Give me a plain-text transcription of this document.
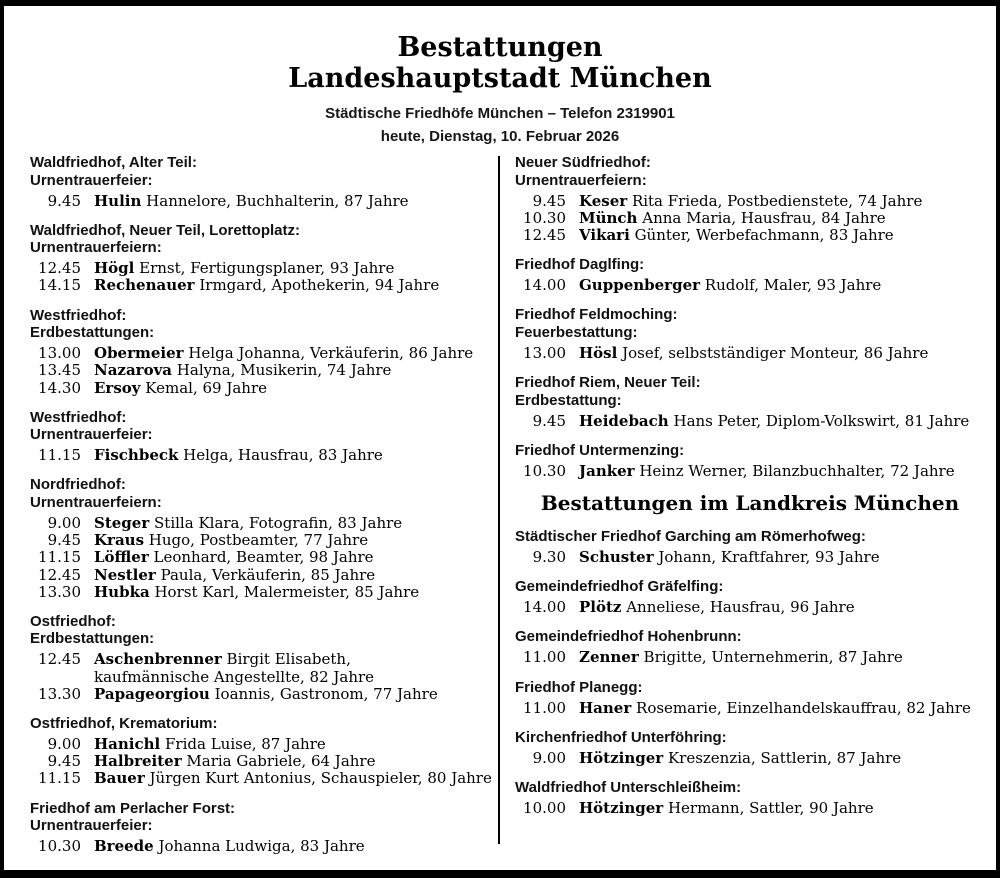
Bestattungen
Landeshauptstadt München
Städtische Friedhöfe München – Telefon 2319901
heute, Dienstag, 10. Februar 2026
Waldfriedhof, Alter Teil:
Urnentrauerfeier:
9.45 Hulin Hannelore, Buchhalterin, 87 Jahre
Waldfriedhof, Neuer Teil, Lorettoplatz:
Urnentrauerfeiern:
12.45 Högl Ernst, Fertigungsplaner, 93 Jahre
14.15 Rechenauer Irmgard, Apothekerin, 94 Jahre
Westfriedhof:
Erdbestattungen:
13.00 Obermeier Helga Johanna, Verkäuferin, 86 Jahre
13.45 Nazarova Halyna, Musikerin, 74 Jahre
14.30 Ersoy Kemal, 69 Jahre
Westfriedhof:
Urnentrauerfeier:
11.15 Fischbeck Helga, Hausfrau, 83 Jahre
Nordfriedhof:
Urnentrauerfeiern:
9.00 Steger Stilla Klara, Fotografin, 83 Jahre
9.45 Kraus Hugo, Postbeamter, 77 Jahre
11.15 Löffler Leonhard, Beamter, 98 Jahre
12.45 Nestler Paula, Verkäuferin, 85 Jahre
13.30 Hubka Horst Karl, Malermeister, 85 Jahre
Ostfriedhof:
Erdbestattungen:
12.45 Aschenbrenner Birgit Elisabeth,
kaufmännische Angestellte, 82 Jahre
13.30 Papageorgiou Ioannis, Gastronom, 77 Jahre
Ostfriedhof, Krematorium:
9.00 Hanichl Frida Luise, 87 Jahre
9.45 Halbreiter Maria Gabriele, 64 Jahre
11.15 Bauer Jürgen Kurt Antonius, Schauspieler, 80 Jahre
Friedhof am Perlacher Forst:
Urnentrauerfeier:
10.30 Breede Johanna Ludwiga, 83 Jahre
Neuer Südfriedhof:
Urnentrauerfeiern:
9.45 Keser Rita Frieda, Postbedienstete, 74 Jahre
10.30 Münch Anna Maria, Hausfrau, 84 Jahre
12.45 Vikari Günter, Werbefachmann, 83 Jahre
Friedhof Daglfing:
14.00 Guppenberger Rudolf, Maler, 93 Jahre
Friedhof Feldmoching:
Feuerbestattung:
13.00 Hösl Josef, selbstständiger Monteur, 86 Jahre
Friedhof Riem, Neuer Teil:
Erdbestattung:
9.45 Heidebach Hans Peter, Diplom-Volkswirt, 81 Jahre
Friedhof Untermenzing:
10.30 Janker Heinz Werner, Bilanzbuchhalter, 72 Jahre
Bestattungen im Landkreis München
Städtischer Friedhof Garching am Römerhofweg:
9.30 Schuster Johann, Kraftfahrer, 93 Jahre
Gemeindefriedhof Gräfelfing:
14.00 Plötz Anneliese, Hausfrau, 96 Jahre
Gemeindefriedhof Hohenbrunn:
11.00 Zenner Brigitte, Unternehmerin, 87 Jahre
Friedhof Planegg:
11.00 Haner Rosemarie, Einzelhandelskauffrau, 82 Jahre
Kirchenfriedhof Unterföhring:
9.00 Hötzinger Kreszenzia, Sattlerin, 87 Jahre
Waldfriedhof Unterschleißheim:
10.00 Hötzinger Hermann, Sattler, 90 Jahre
